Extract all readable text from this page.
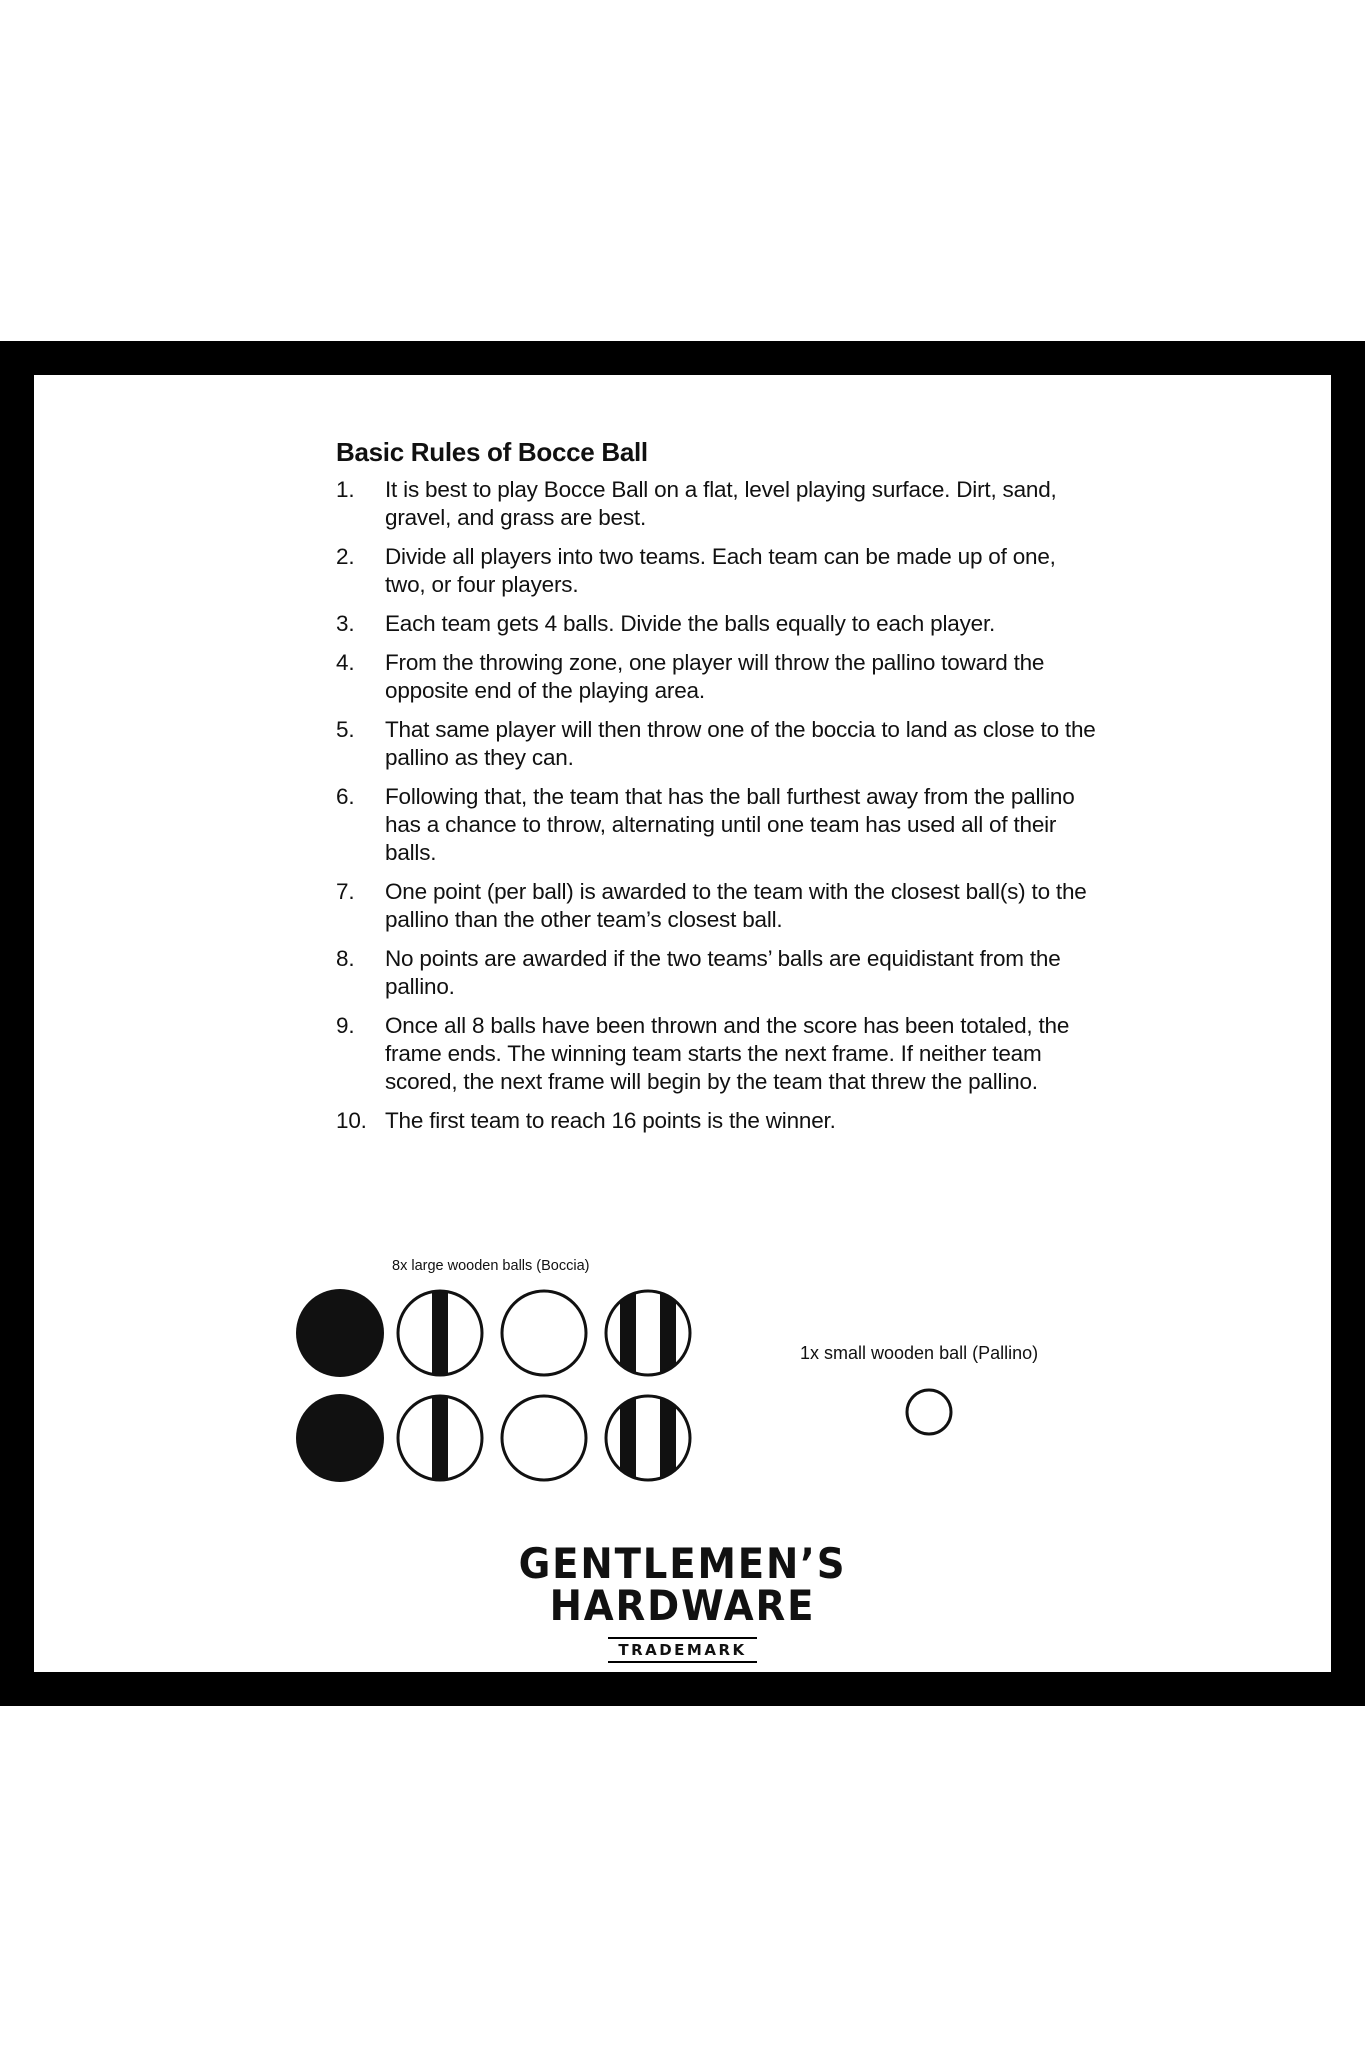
Basic Rules of Bocce Ball
1.	It is best to play Bocce Ball on a flat, level playing surface. Dirt, sand, gravel, and grass are best.
2.	Divide all players into two teams. Each team can be made up of one, two, or four players.
3.	Each team gets 4 balls. Divide the balls equally to each player.
4.	From the throwing zone, one player will throw the pallino toward the opposite end of the playing area.
5.	That same player will then throw one of the boccia to land as close to the pallino as they can.
6.	Following that, the team that has the ball furthest away from the pallino has a chance to throw, alternating until one team has used all of their balls.
7.	One point (per ball) is awarded to the team with the closest ball(s) to the pallino than the other team’s closest ball.
8.	No points are awarded if the two teams’ balls are equidistant from the pallino.
9.	Once all 8 balls have been thrown and the score has been totaled, the frame ends. The winning team starts the next frame. If neither team scored, the next frame will begin by the team that threw the pallino.
10. The first team to reach 16 points is the winner.
8x large wooden balls (Boccia)
1x small wooden ball (Pallino)
GENTLEMEN’S
HARDWARE
TRADEMARK
